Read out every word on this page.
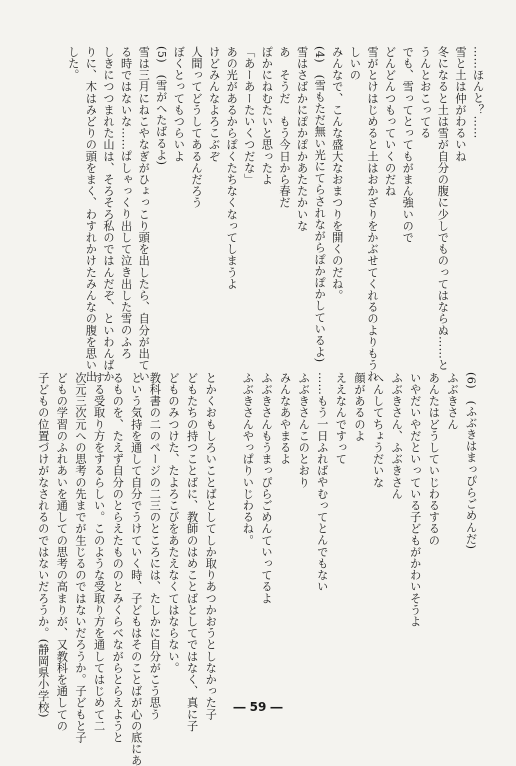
……ほんと？……
雪と土は仲がわるいね
冬になると土は雪が自分の腹に少しでものってはならぬ……と
うんとおこってる
でも、雪ってとってもがまん強いので
どんどんつもっていくのだね
雪がとけはじめると土はおかざりをかぶせてくれるのよりもうれ
しいの
みんなで、こんな盛大なおまつりを開くのだね。
(4)　(雪もただ無い光にてらされながらぽかぽかしているよ)
雪はさばかにぽかぽかあたたかいな
あ　そうだ　もう今日から春だ
ぽかにねむたいと思ったよ
「あーあーたいくつだな」
あの光があるからぽくたちなくなってしまうよ
けどみんなよろこぶぞ
人間ってどうしてあるんだろう
ぼくとってもつらいよ
(5)　(雪がへたばるよ)
雪は三月にねこやなぎがひょっこり頭を出したら、自分が出てい
る時ではないな……ぱしゃっくり出して泣き出した雪のふろ
しきにつつまれた山は、そろそろ私のではんだぞ、といわんばか
りに、木はみどりの頭をまく、わすれかけたみんなの腹を思い出
した。
(6)　(ふぶきはまっぴらごめんだ)
ふぶきさん
あんたはどうしていじわるするの
いやだいやだといっている子どもがかわいそうよ
ふぶきさん、ふぶきさん
へんしてちょうだいな
顔があるのよ
ええなんですって
……もう一日ふればやむってとんでもない
ふぶきさんこのとおり
みんなあやまるよ
ふぶきさんもうまっぴらごめんていってるよ
ふぶきさんやっぱりいじわるね。
とかくおもしろいことばとしてしか取りあつかおうとしなかった子
どもたちの持つことばに、教師のはめことばとしてではなく、真に子
どものみつけた、たよろこびをあたえなくてはならない。
教科書の二のページの二三のところには、たしかに自分がこう思う
という気持を通して自分でうけていく時、子どもはそのことばが心の底にあ
るものを、たえず自分のとらえたもののとみくらべながらとらえようと
する受取り方をするらしい。このような受取り方を通してはじめて二
次元三次元への思考の先までが生じるのではないだろうか。子どもと子
どもの学習のふれあいを通しての思考の高まりが、又教科を通しての
子どもの位置づけがなされるのではないだろうか。(静岡県小学校)	― 59 ―
